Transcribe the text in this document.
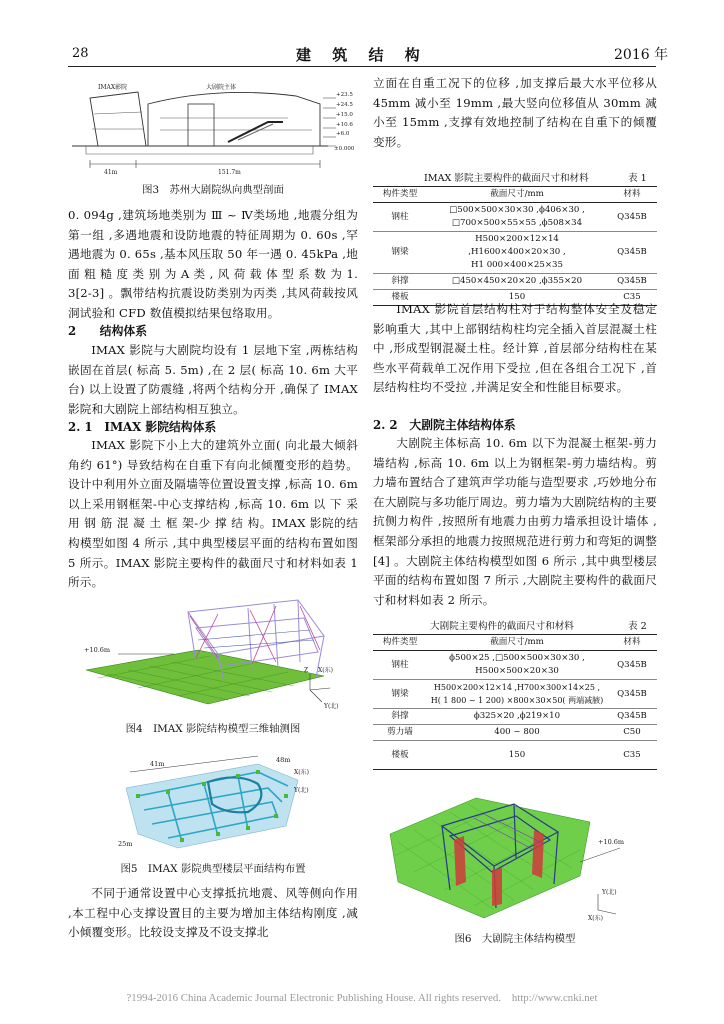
28	建 筑 结 构	2016 年
IMAX影院	大剧院主体
41m	151.7m
+23.5
+24.5
+15.0
+10.6
+6.0
±0.000
图3　苏州大剧院纵向典型剖面
0. 094g ,建筑场地类别为 Ⅲ ~ Ⅳ类场地 ,地震分组为第一组 ,多遇地震和设防地震的特征周期为 0. 60s ,罕遇地震为 0. 65s ,基本风压取 50 年一遇 0. 45kPa ,地 面 粗 糙 度 类 别 为 A 类 , 风 荷 载 体 型 系 数 为 1. 3[2-3] 。飘带结构抗震设防类别为丙类 ,其风荷载按风洞试验和 CFD 数值模拟结果包络取用。
2　　结构体系
IMAX 影院与大剧院均设有 1 层地下室 ,两栋结构嵌固在首层( 标高 5. 5m) ,在 2 层( 标高 10. 6m 大平台) 以上设置了防震缝 ,将两个结构分开 ,确保了 IMAX 影院和大剧院上部结构相互独立。
2. 1　IMAX 影院结构体系
IMAX 影院下小上大的建筑外立面( 向北最大倾斜角约 61°) 导致结构在自重下有向北倾覆变形的趋势。设计中利用外立面及隔墙等位置设置支撑 ,标高 10. 6m 以上采用钢框架-中心支撑结构 ,标高 10. 6m 以 下 采 用 钢 筋 混 凝 土 框 架-少 撑 结 构。IMAX 影院的结构模型如图 4 所示 ,其中典型楼层平面的结构布置如图 5 所示。IMAX 影院主要构件的截面尺寸和材料如表 1 所示。
+10.6m
X(东)
Y(北)
Z
图4　IMAX 影院结构模型三维轴测图
41m	48m
25m
X(东)
Y(北)
图5　IMAX 影院典型楼层平面结构布置
不同于通常设置中心支撑抵抗地震、风等侧向作用 ,本工程中心支撑设置目的主要为增加主体结构刚度 ,减小倾覆变形。比较设支撑及不设支撑北
立面在自重工况下的位移 ,加支撑后最大水平位移从 45mm 减小至 19mm ,最大竖向位移值从 30mm 减小至 15mm ,支撑有效地控制了结构在自重下的倾覆变形。
IMAX 影院主要构件的截面尺寸和材料	表 1
构件类型	截面尺寸/mm	材料
钢柱	□500×500×30×30 ,ϕ406×30 ,
□700×500×55×55 ,ϕ508×34	Q345B
钢梁	H500×200×12×14 ,H1600×400×20×30 ,
H1 000×400×25×35	Q345B
斜撑	□450×450×20×20 ,ϕ355×20	Q345B
楼板	150	C35
IMAX 影院首层结构柱对于结构整体安全及稳定影响重大 ,其中上部钢结构柱均完全插入首层混凝土柱中 ,形成型钢混凝土柱。经计算 ,首层部分结构柱在某些水平荷载单工况作用下受拉 ,但在各组合工况下 ,首层结构柱均不受拉 ,并满足安全和性能目标要求。
2. 2　大剧院主体结构体系
大剧院主体标高 10. 6m 以下为混凝土框架-剪力墙结构 ,标高 10. 6m 以上为钢框架-剪力墙结构。剪力墙布置结合了建筑声学功能与造型要求 ,巧妙地分布在大剧院与多功能厅周边。剪力墙为大剧院结构的主要抗侧力构件 ,按照所有地震力由剪力墙承担设计墙体 ,框架部分承担的地震力按照规范进行剪力和弯矩的调整[4] 。大剧院主体结构模型如图 6 所示 ,其中典型楼层平面的结构布置如图 7 所示 ,大剧院主要构件的截面尺寸和材料如表 2 所示。
大剧院主要构件的截面尺寸和材料	表 2
构件类型	截面尺寸/mm	材料
钢柱	ϕ500×25 ,□500×500×30×30 ,
H500×500×20×30	Q345B
钢梁	H500×200×12×14 ,H700×300×14×25 ,
H( 1 800 ~ 1 200) ×800×30×50( 两端减腋)	Q345B
斜撑	ϕ325×20 ,ϕ219×10	Q345B
剪力墙	400 ~ 800	C50
楼板	150	C35
+10.6m
Y(北)
X(东)
图6　大剧院主体结构模型
?1994-2016 China Academic Journal Electronic Publishing House. All rights reserved.　http://www.cnki.net
